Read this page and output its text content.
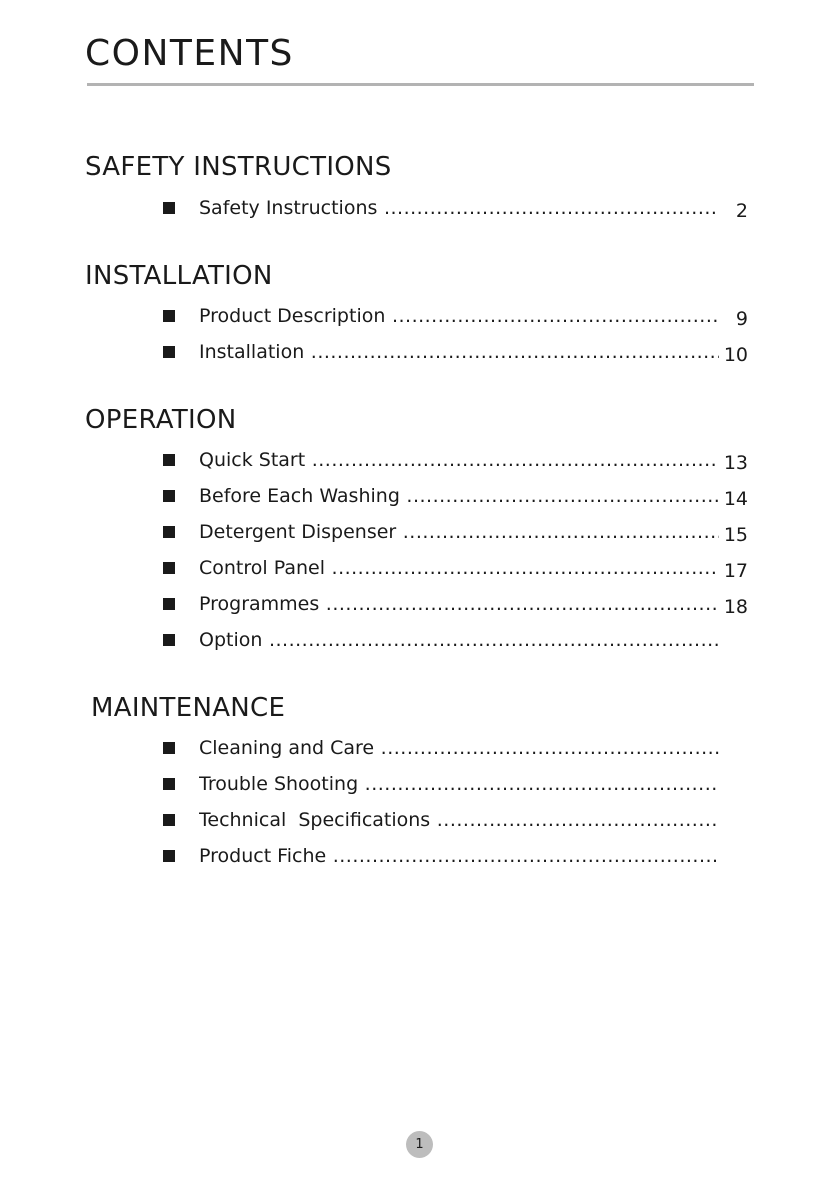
CONTENTS
SAFETY INSTRUCTIONS
Safety Instructions .....	2
INSTALLATION
Product Description .....	9
Installation .....	10
OPERATION
Quick Start .....	13
Before Each Washing .....	14
Detergent Dispenser .....	15
Control Panel .....	17
Programmes .....	18
Option .....
MAINTENANCE
Cleaning and Care .....
Trouble Shooting .....
Technical  Specifications .....
Product Fiche .....
1
